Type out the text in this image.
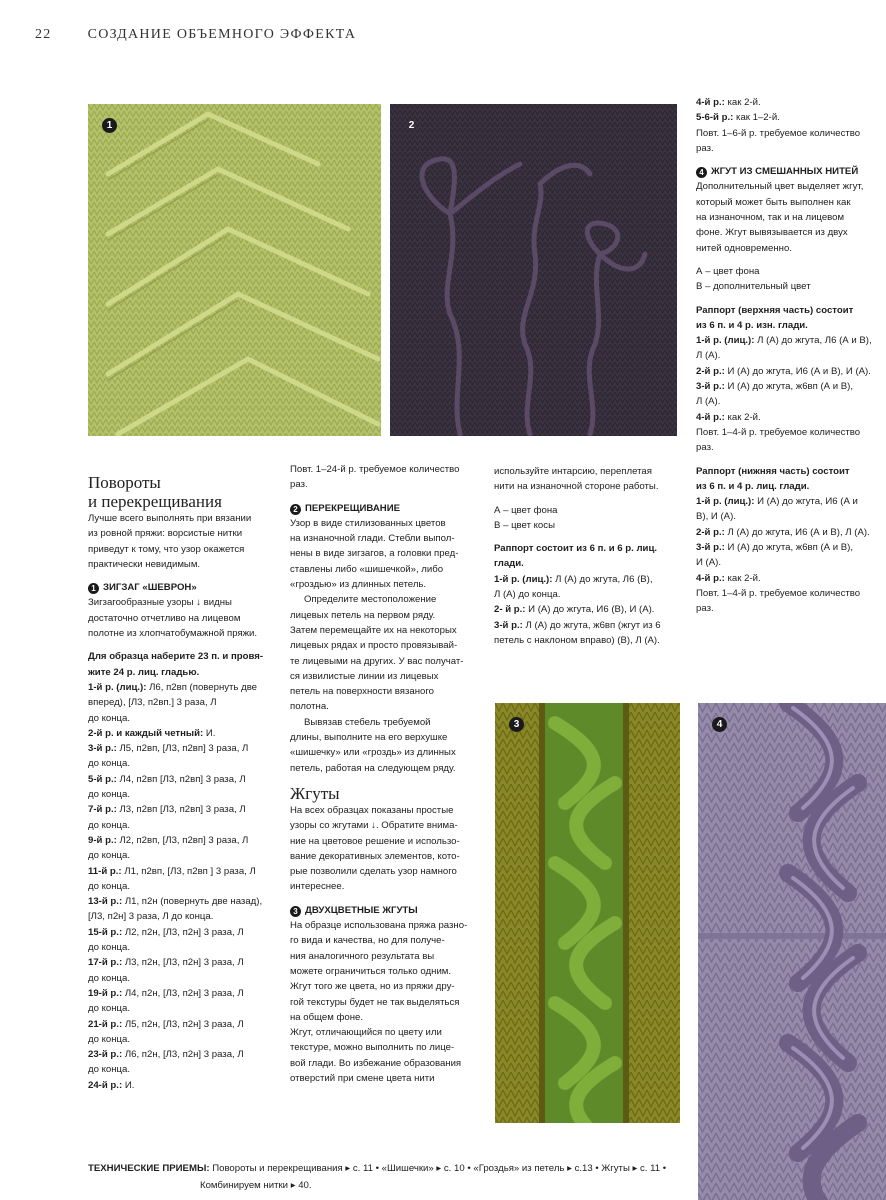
22	СОЗДАНИЕ ОБЪЕМНОГО ЭФФЕКТА
1	2
3	4

Повороты

и перекрещивания

Лучше всего выполнять при вязании

из ровной пряжи: ворсистые нитки

приведут к тому, что узор окажется

практически невидимым.

1 ЗИГЗАГ «ШЕВРОН»

Зигзагообразные узоры ↓ видны

достаточно отчетливо на лицевом

полотне из хлопчатобумажной пряжи.

Для образца наберите 23 п. и провя-

жите 24 р. лиц. гладью.

1-й р. (лиц.): Л6, п2вп (повернуть две

вперед), [Л3, п2вп.] 3 раза, Л

до конца.

2-й р. и каждый четный: И.

3-й р.: Л5, п2вп, [Л3, п2вп] 3 раза, Л

до конца.

5-й р.: Л4, п2вп [Л3, п2вп] 3 раза, Л

до конца.

7-й р.: Л3, п2вп [Л3, п2вп] 3 раза, Л

до конца.

9-й р.: Л2, п2вп, [Л3, п2вп] 3 раза, Л

до конца.

11-й р.: Л1, п2вп, [Л3, п2вп ] 3 раза, Л

до конца.

13-й р.: Л1, п2н (повернуть две назад),

[Л3, п2н] 3 раза, Л до конца.

15-й р.: Л2, п2н, [Л3, п2н] 3 раза, Л

до конца.

17-й р.: Л3, п2н, [Л3, п2н] 3 раза, Л

до конца.

19-й р.: Л4, п2н, [Л3, п2н] 3 раза, Л

до конца.

21-й р.: Л5, п2н, [Л3, п2н] 3 раза, Л

до конца.

23-й р.: Л6, п2н, [Л3, п2н] 3 раза, Л

до конца.

24-й р.: И.

Повт. 1–24-й р. требуемое количество

раз.

2 ПЕРЕКРЕЩИВАНИЕ

Узор в виде стилизованных цветов

на изнаночной глади. Стебли выпол-

нены в виде зигзагов, а головки пред-

ставлены либо «шишечкой», либо

«гроздью» из длинных петель.

Определите местоположение

лицевых петель на первом ряду.

Затем перемещайте их на некоторых

лицевых рядах и просто провязывай-

те лицевыми на других. У вас получат-

ся извилистые линии из лицевых

петель на поверхности вязаного

полотна.

Вывязав стебель требуемой

длины, выполните на его верхушке

«шишечку» или «гроздь» из длинных

петель, работая на следующем ряду.

Жгуты

На всех образцах показаны простые

узоры со жгутами ↓. Обратите внима-

ние на цветовое решение и использо-

вание декоративных элементов, кото-

рые позволили сделать узор намного

интереснее.

3 ДВУХЦВЕТНЫЕ ЖГУТЫ

На образце использована пряжа разно-

го вида и качества, но для получе-

ния аналогичного результата вы

можете ограничиться только одним.

Жгут того же цвета, но из пряжи дру-

гой текстуры будет не так выделяться

на общем фоне.

Жгут, отличающийся по цвету или

текстуре, можно выполнить по лице-

вой глади. Во избежание образования

отверстий при смене цвета нити

используйте интарсию, переплетая

нити на изнаночной стороне работы.

А – цвет фона

В – цвет косы

Раппорт состоит из 6 п. и 6 р. лиц.

глади.

1-й р. (лиц.): Л (А) до жгута, Л6 (В),

Л (А) до конца.

2- й р.: И (А) до жгута, И6 (В), И (А).

3-й р.: Л (А) до жгута, ж6вп (жгут из 6

петель с наклоном вправо) (В), Л (А).

4-й р.: как 2-й.

5-6-й р.: как 1–2-й.

Повт. 1–6-й р. требуемое количество

раз.

4 ЖГУТ ИЗ СМЕШАННЫХ НИТЕЙ

Дополнительный цвет выделяет жгут,

который может быть выполнен как

на изнаночном, так и на лицевом

фоне. Жгут вывязывается из двух

нитей одновременно.

А – цвет фона

В – дополнительный цвет

Раппорт (верхняя часть) состоит

из 6 п. и 4 р. изн. глади.

1-й р. (лиц.): Л (А) до жгута, Л6 (А и В),

Л (А).

2-й р.: И (А) до жгута, И6 (А и В), И (А).

3-й р.: И (А) до жгута, ж6вп (А и В),

Л (А).

4-й р.: как 2-й.

Повт. 1–4-й р. требуемое количество

раз.

Раппорт (нижняя часть) состоит

из 6 п. и 4 р. лиц. глади.

1-й р. (лиц.): И (А) до жгута, И6 (А и

В), И (А).

2-й р.: Л (А) до жгута, И6 (А и В), Л (А).

3-й р.: И (А) до жгута, ж6вп (А и В),

И (А).

4-й р.: как 2-й.

Повт. 1–4-й р. требуемое количество

раз.

ТЕХНИЧЕСКИЕ ПРИЕМЫ: Повороты и перекрещивания ▸ с. 11 • «Шишечки» ▸ с. 10 • «Гроздья» из петель ▸ с.13 • Жгуты ▸ с. 11 •
Комбинируем нитки ▸ 40.
